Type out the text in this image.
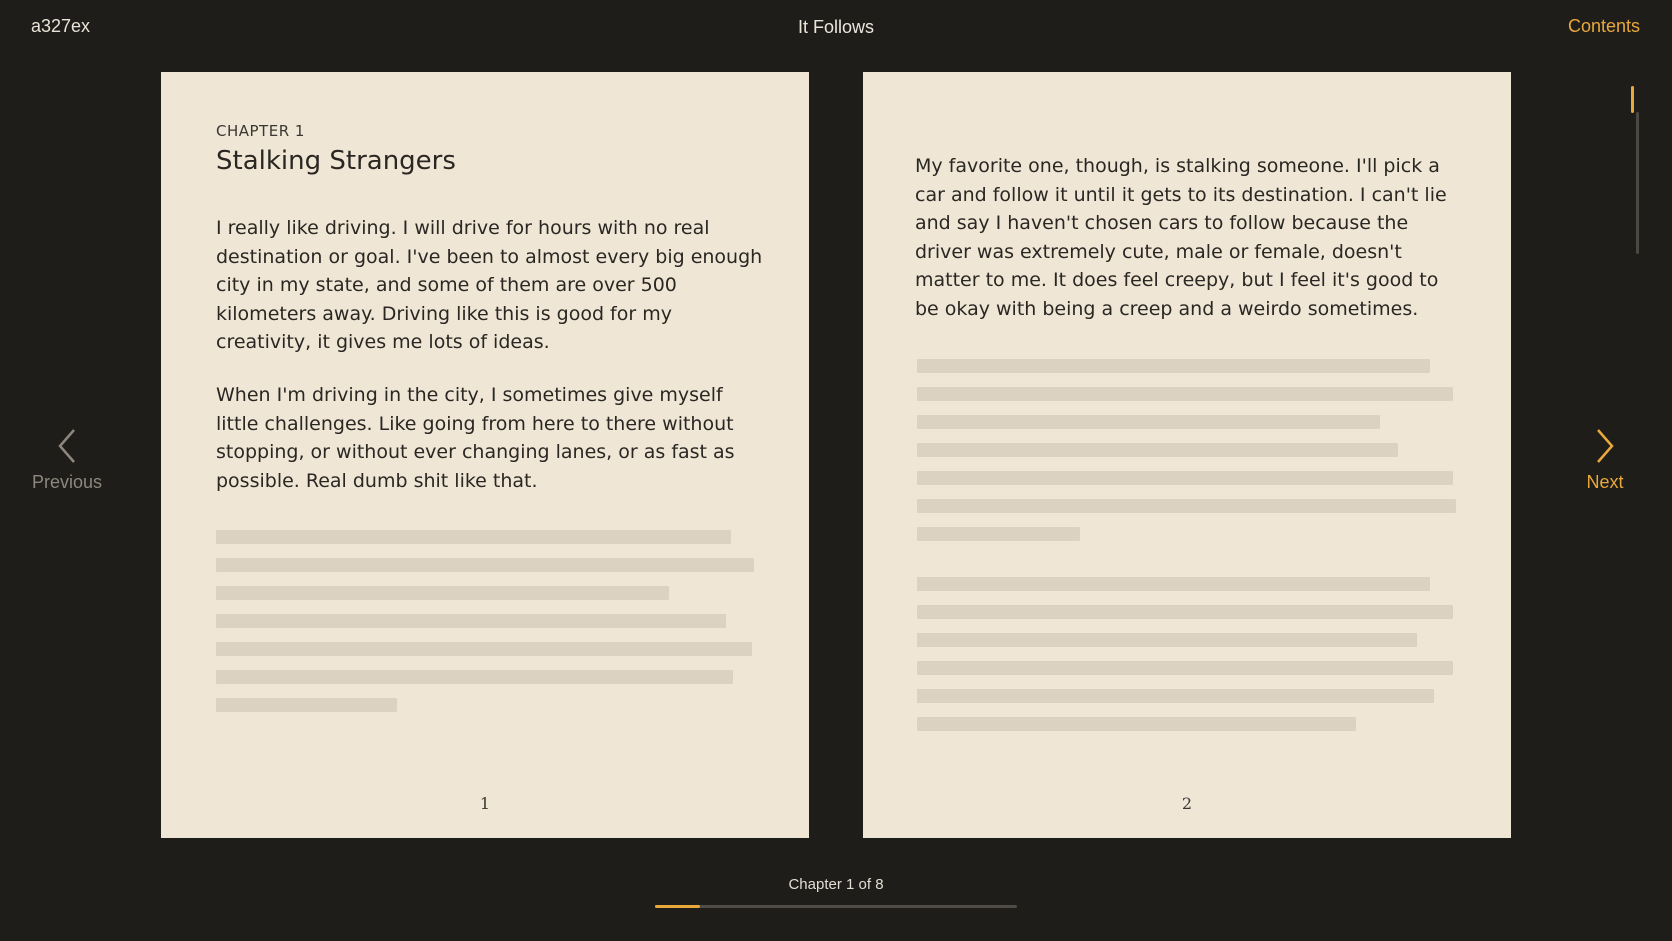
a327ex	It Follows	Contents
Previous
CHAPTER 1
Stalking Strangers
I really like driving. I will drive for hours with no real destination or goal. I've been to almost every big enough city in my state, and some of them are over 500 kilometers away. Driving like this is good for my creativity, it gives me lots of ideas.
When I'm driving in the city, I sometimes give myself little challenges. Like going from here to there without stopping, or without ever changing lanes, or as fast as possible. Real dumb shit like that.
1
My favorite one, though, is stalking someone. I'll pick a car and follow it until it gets to its destination. I can't lie and say I haven't chosen cars to follow because the driver was extremely cute, male or female, doesn't matter to me. It does feel creepy, but I feel it's good to be okay with being a creep and a weirdo sometimes.
2
Next
Chapter 1 of 8
